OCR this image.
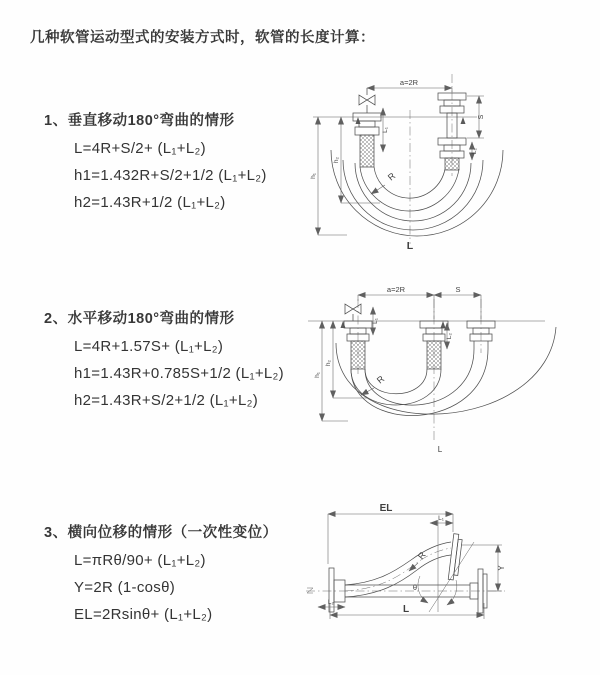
几种软管运动型式的安装方式时，软管的长度计算：
1、垂直移动180°弯曲的情形
L=4R+S/2+ (L₁+L₂)
h1=1.432R+S/2+1/2 (L₁+L₂)
h2=1.43R+1/2 (L₁+L₂)
2、水平移动180°弯曲的情形
L=4R+1.57S+ (L₁+L₂)
h1=1.43R+0.785S+1/2 (L₁+L₂)
h2=1.43R+S/2+1/2 (L₁+L₂)
3、横向位移的情形（一次性变位）
L=πRθ/90+ (L₁+L₂)
Y=2R (1-cosθ)
EL=2Rsinθ+ (L₁+L₂)
a=2R
L₁
h₁
h₂
S
L₂
R
L
a=2R	S
h₁
h₂
L₁
L₂
R
L
EL
L₁
Y
R
θ
L
L₂
